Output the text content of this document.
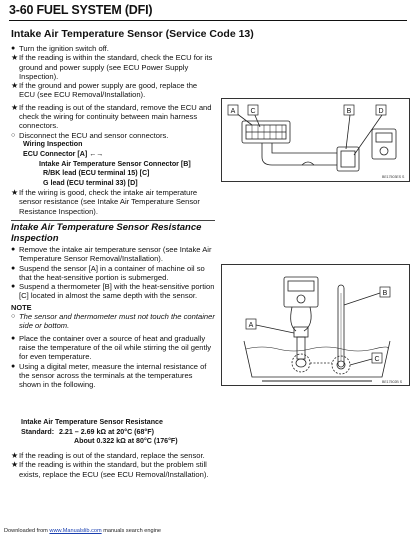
3-60 FUEL SYSTEM (DFI)
Intake Air Temperature Sensor (Service Code 13)
● Turn the ignition switch off.
★ If the reading is within the standard, check the ECU for its ground and power supply (see ECU Power Supply Inspection).
★ If the ground and power supply are good, replace the ECU (see ECU Removal/Installation).
★ If the reading is out of the standard, remove the ECU and check the wiring for continuity between main harness connectors.
○ Disconnect the ECU and sensor connectors.
Wiring Inspection
ECU Connector [A] ←→
Intake Air Temperature Sensor Connector [B]
R/BK lead (ECU terminal 15) [C]
G lead (ECU terminal 33) [D]
★ If the wiring is good, check the intake air temperature sensor resistance (see Intake Air Temperature Sensor Resistance Inspection).
Intake Air Temperature Sensor Resistance Inspection
● Remove the intake air temperature sensor (see Intake Air Temperature Sensor Removal/Installation).
● Suspend the sensor [A] in a container of machine oil so that the heat-sensitive portion is submerged.
● Suspend a thermometer [B] with the heat-sensitive portion [C] located in almost the same depth with the sensor.
NOTE
○ The sensor and thermometer must not touch the container side or bottom.
● Place the container over a source of heat and gradually raise the temperature of the oil while stirring the oil gently for even temperature.
● Using a digital meter, measure the internal resistance of the sensor across the terminals at the temperatures shown in the following.
Intake Air Temperature Sensor Resistance
Standard: 2.21 – 2.69 kΩ at 20°C (68°F)
About 0.322 kΩ at 80°C (176°F)
★ If the reading is out of the standard, replace the sensor.
★ If the reading is within the standard, but the problem still exists, replace the ECU (see ECU Removal/Installation).
A C	B	D
BE17503ES S
A
B
C
BE17502B S
Downloaded from www.Manualslib.com manuals search engine
